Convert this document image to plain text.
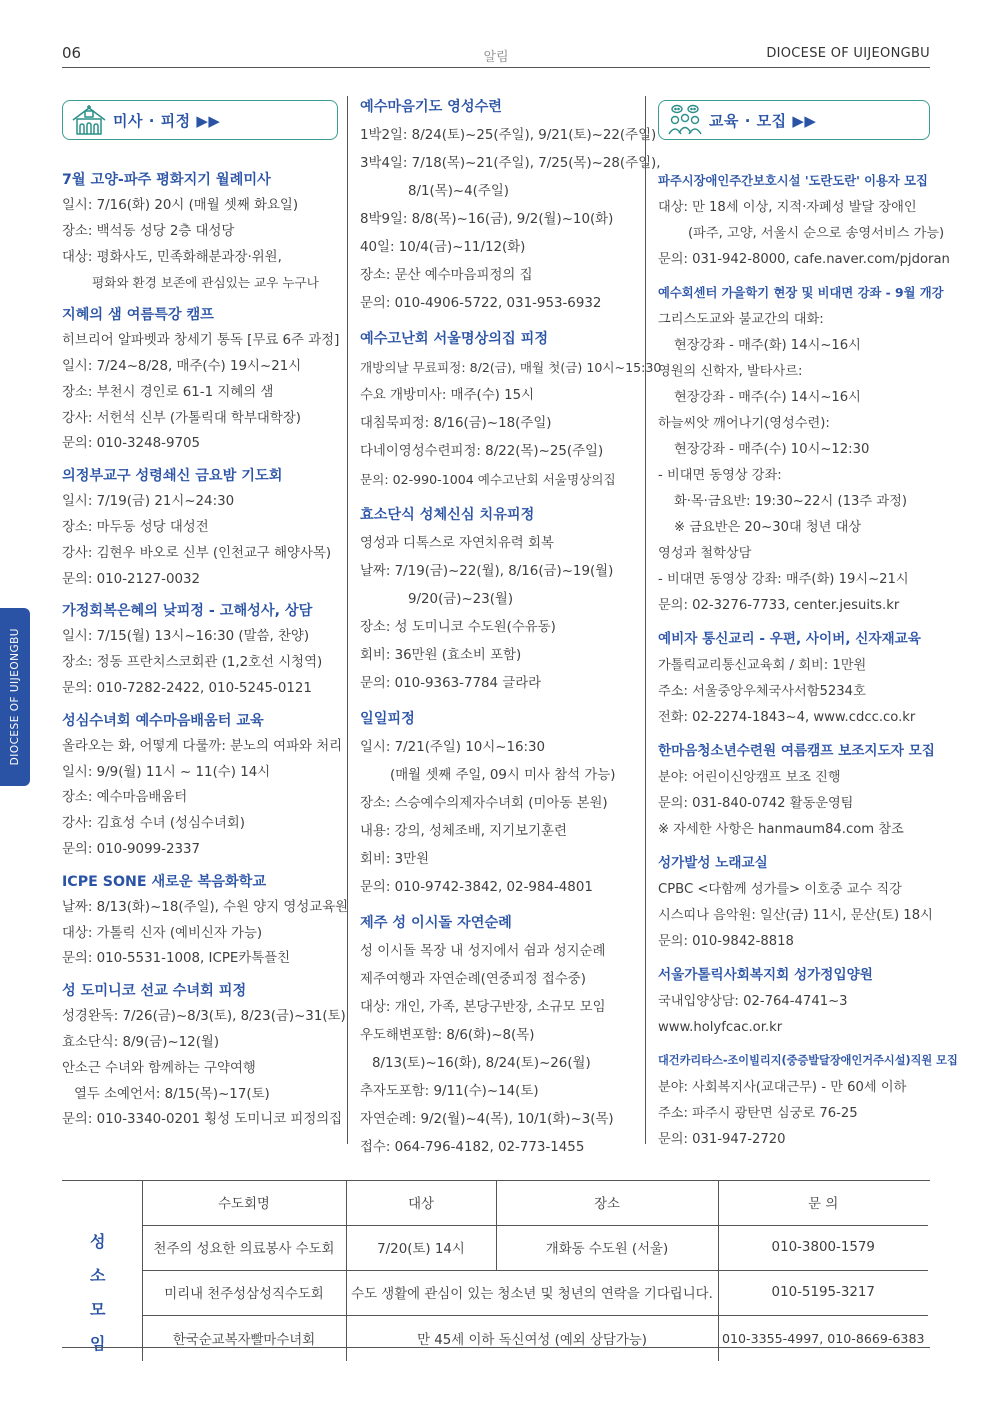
06	알림	DIOCESE OF UIJEONGBU
DIOCESE OF UIJEONGBU
미사 · 피정 ▶▶
7월 고양-파주 평화지기 월례미사
일시: 7/16(화) 20시 (매월 셋째 화요일)
장소: 백석동 성당 2층 대성당
대상: 평화사도, 민족화해분과장·위원,
평화와 환경 보존에 관심있는 교우 누구나
지혜의 샘 여름특강 캠프
히브리어 알파벳과 창세기 통독 [무료 6주 과정]
일시: 7/24~8/28, 매주(수) 19시~21시
장소: 부천시 경인로 61-1 지혜의 샘
강사: 서헌석 신부 (가톨릭대 학부대학장)
문의: 010-3248-9705
의정부교구 성령쇄신 금요밤 기도회
일시: 7/19(금) 21시~24:30
장소: 마두동 성당 대성전
강사: 김현우 바오로 신부 (인천교구 해양사목)
문의: 010-2127-0032
가정회복은혜의 낮피정 - 고해성사, 상담
일시: 7/15(월) 13시~16:30 (말씀, 찬양)
장소: 정동 프란치스코회관 (1,2호선 시청역)
문의: 010-7282-2422, 010-5245-0121
성심수녀회 예수마음배움터 교육
올라오는 화, 어떻게 다룰까: 분노의 여파와 처리
일시: 9/9(월) 11시 ~ 11(수) 14시
장소: 예수마음배움터
강사: 김효성 수녀 (성심수녀회)
문의: 010-9099-2337
ICPE SONE 새로운 복음화학교
날짜: 8/13(화)~18(주일), 수원 양지 영성교육원
대상: 가톨릭 신자 (예비신자 가능)
문의: 010-5531-1008, ICPE카톡플친
성 도미니코 선교 수녀회 피정
성경완독: 7/26(금)~8/3(토), 8/23(금)~31(토)
효소단식: 8/9(금)~12(월)
안소근 수녀와 함께하는 구약여행
열두 소예언서: 8/15(목)~17(토)
문의: 010-3340-0201 횡성 도미니코 피정의집
예수마음기도 영성수련
1박2일: 8/24(토)~25(주일), 9/21(토)~22(주일)
3박4일: 7/18(목)~21(주일), 7/25(목)~28(주일),
8/1(목)~4(주일)
8박9일: 8/8(목)~16(금), 9/2(월)~10(화)
40일: 10/4(금)~11/12(화)
장소: 문산 예수마음피정의 집
문의: 010-4906-5722, 031-953-6932
예수고난회 서울명상의집 피정
개방의날 무료피정: 8/2(금), 매월 첫(금) 10시~15:30
수요 개방미사: 매주(수) 15시
대침묵피정: 8/16(금)~18(주일)
다네이영성수련피정: 8/22(목)~25(주일)
문의: 02-990-1004 예수고난회 서울명상의집
효소단식 성체신심 치유피정
영성과 디톡스로 자연치유력 회복
날짜: 7/19(금)~22(월), 8/16(금)~19(월)
9/20(금)~23(월)
장소: 성 도미니코 수도원(수유동)
회비: 36만원 (효소비 포함)
문의: 010-9363-7784 글라라
일일피정
일시: 7/21(주일) 10시~16:30
(매월 셋째 주일, 09시 미사 참석 가능)
장소: 스승예수의제자수녀회 (미아동 본원)
내용: 강의, 성체조배, 지기보기훈련
회비: 3만원
문의: 010-9742-3842, 02-984-4801
제주 성 이시돌 자연순례
성 이시돌 목장 내 성지에서 쉼과 성지순례
제주여행과 자연순례(연중피정 접수중)
대상: 개인, 가족, 본당구반장, 소규모 모임
우도해변포함: 8/6(화)~8(목)
8/13(토)~16(화), 8/24(토)~26(월)
추자도포함: 9/11(수)~14(토)
자연순례: 9/2(월)~4(목), 10/1(화)~3(목)
접수: 064-796-4182, 02-773-1455
교육 · 모집 ▶▶
파주시장애인주간보호시설 '도란도란' 이용자 모집
대상: 만 18세 이상, 지적·자폐성 발달 장애인
(파주, 고양, 서울시 순으로 송영서비스 가능)
문의: 031-942-8000, cafe.naver.com/pjdoran
예수회센터 가을학기 현장 및 비대면 강좌 - 9월 개강
그리스도교와 불교간의 대화:
현장강좌 - 매주(화) 14시~16시
영원의 신학자, 발타사르:
현장강좌 - 매주(수) 14시~16시
하늘씨앗 깨어나기(영성수련):
현장강좌 - 매주(수) 10시~12:30
- 비대면 동영상 강좌:
화·목·금요반: 19:30~22시 (13주 과정)
※ 금요반은 20~30대 청년 대상
영성과 철학상담
- 비대면 동영상 강좌: 매주(화) 19시~21시
문의: 02-3276-7733, center.jesuits.kr
예비자 통신교리 - 우편, 사이버, 신자재교육
가톨릭교리통신교육회 / 회비: 1만원
주소: 서울중앙우체국사서함5234호
전화: 02-2274-1843~4, www.cdcc.co.kr
한마음청소년수련원 여름캠프 보조지도자 모집
분야: 어린이신앙캠프 보조 진행
문의: 031-840-0742 활동운영팀
※ 자세한 사항은 hanmaum84.com 참조
성가발성 노래교실
CPBC <다함께 성가를> 이호중 교수 직강
시스띠나 음악원: 일산(금) 11시, 문산(토) 18시
문의: 010-9842-8818
서울가톨릭사회복지회 성가정입양원
국내입양상담: 02-764-4741~3
www.holyfcac.or.kr
대건카리타스-조이빌리지(중증발달장애인거주시설)직원 모집
분야: 사회복지사(교대근무) - 만 60세 이하
주소: 파주시 광탄면 심궁로 76-25
문의: 031-947-2720
	수도회명	대상	장소	문 의
성 소 모 임	천주의 성요한 의료봉사 수도회	7/20(토) 14시	개화동 수도원 (서울)	010-3800-1579
	미리내 천주성삼성직수도회	수도 생활에 관심이 있는 청소년 및 청년의 연락을 기다립니다.		010-5195-3217
	한국순교복자빨마수녀회	만 45세 이하 독신여성 (예외 상담가능)		010-3355-4997, 010-8669-6383
